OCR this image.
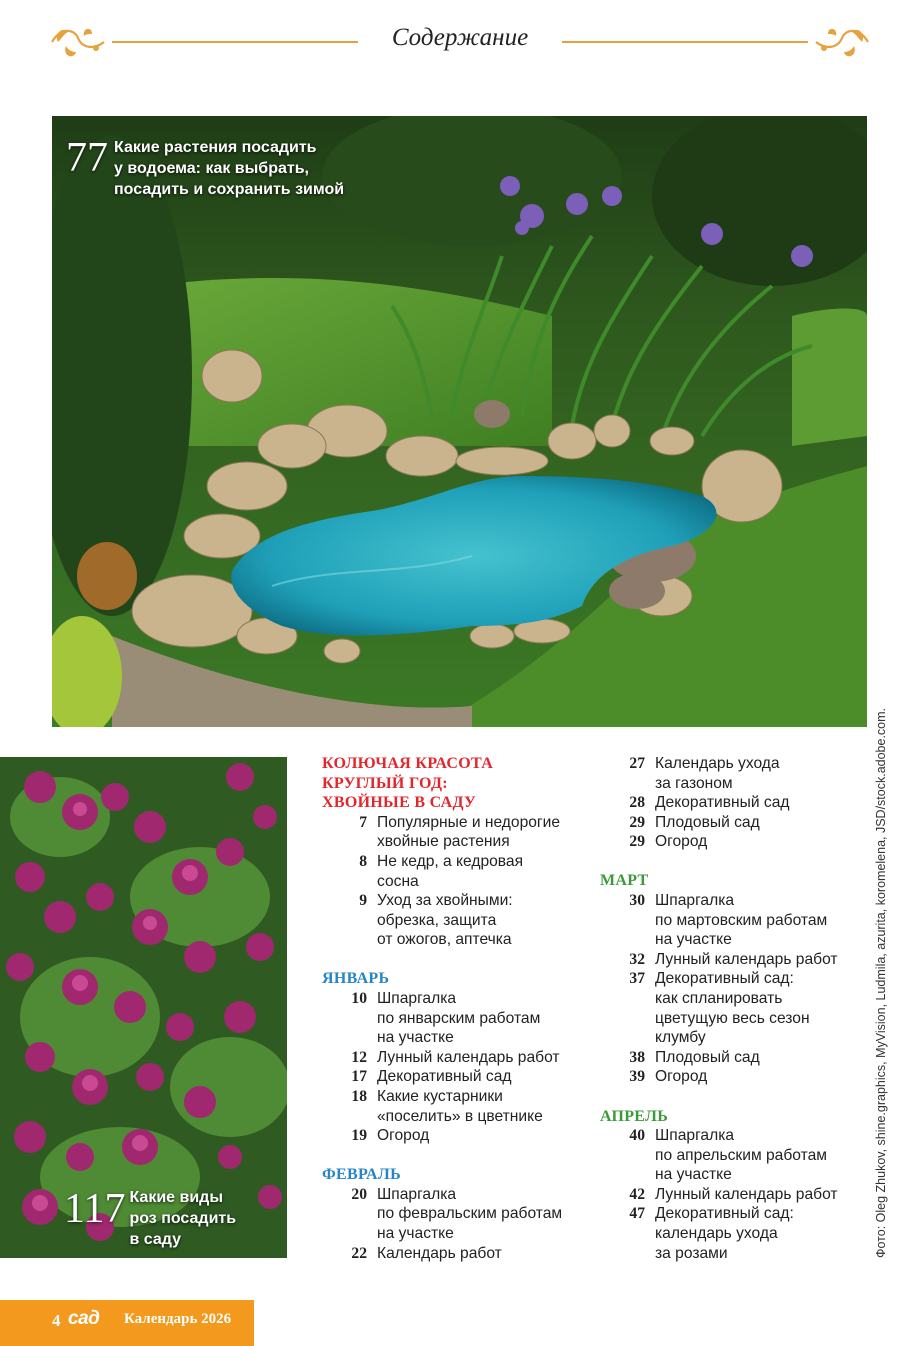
Содержание
77 Какие растения посадить
у водоема: как выбрать,
посадить и сохранить зимой
117 Какие виды
роз посадить
в саду
КОЛЮЧАЯ КРАСОТА
КРУГЛЫЙ ГОД:
ХВОЙНЫЕ В САДУ
7 Популярные и недорогие
хвойные растения
8 Не кедр, а кедровая
сосна
9 Уход за хвойными:
обрезка, защита
от ожогов, аптечка
ЯНВАРЬ
10 Шпаргалка
по январским работам
на участке
12 Лунный календарь работ
17 Декоративный сад
18 Какие кустарники
«поселить» в цветнике
19 Огород
ФЕВРАЛЬ
20 Шпаргалка
по февральским работам
на участке
22 Календарь работ
27 Календарь ухода
за газоном
28 Декоративный сад
29 Плодовый сад
29 Огород
МАРТ
30 Шпаргалка
по мартовским работам
на участке
32 Лунный календарь работ
37 Декоративный сад:
как спланировать
цветущую весь сезон
клумбу
38 Плодовый сад
39 Огород
АПРЕЛЬ
40 Шпаргалка
по апрельским работам
на участке
42 Лунный календарь работ
47 Декоративный сад:
календарь ухода
за розами	Фото: Oleg Zhukov, shine.graphics, MyVision, Ludmila, azurita, koromelena, JSD/stock.adobe.com.
4 сад Календарь 2026
